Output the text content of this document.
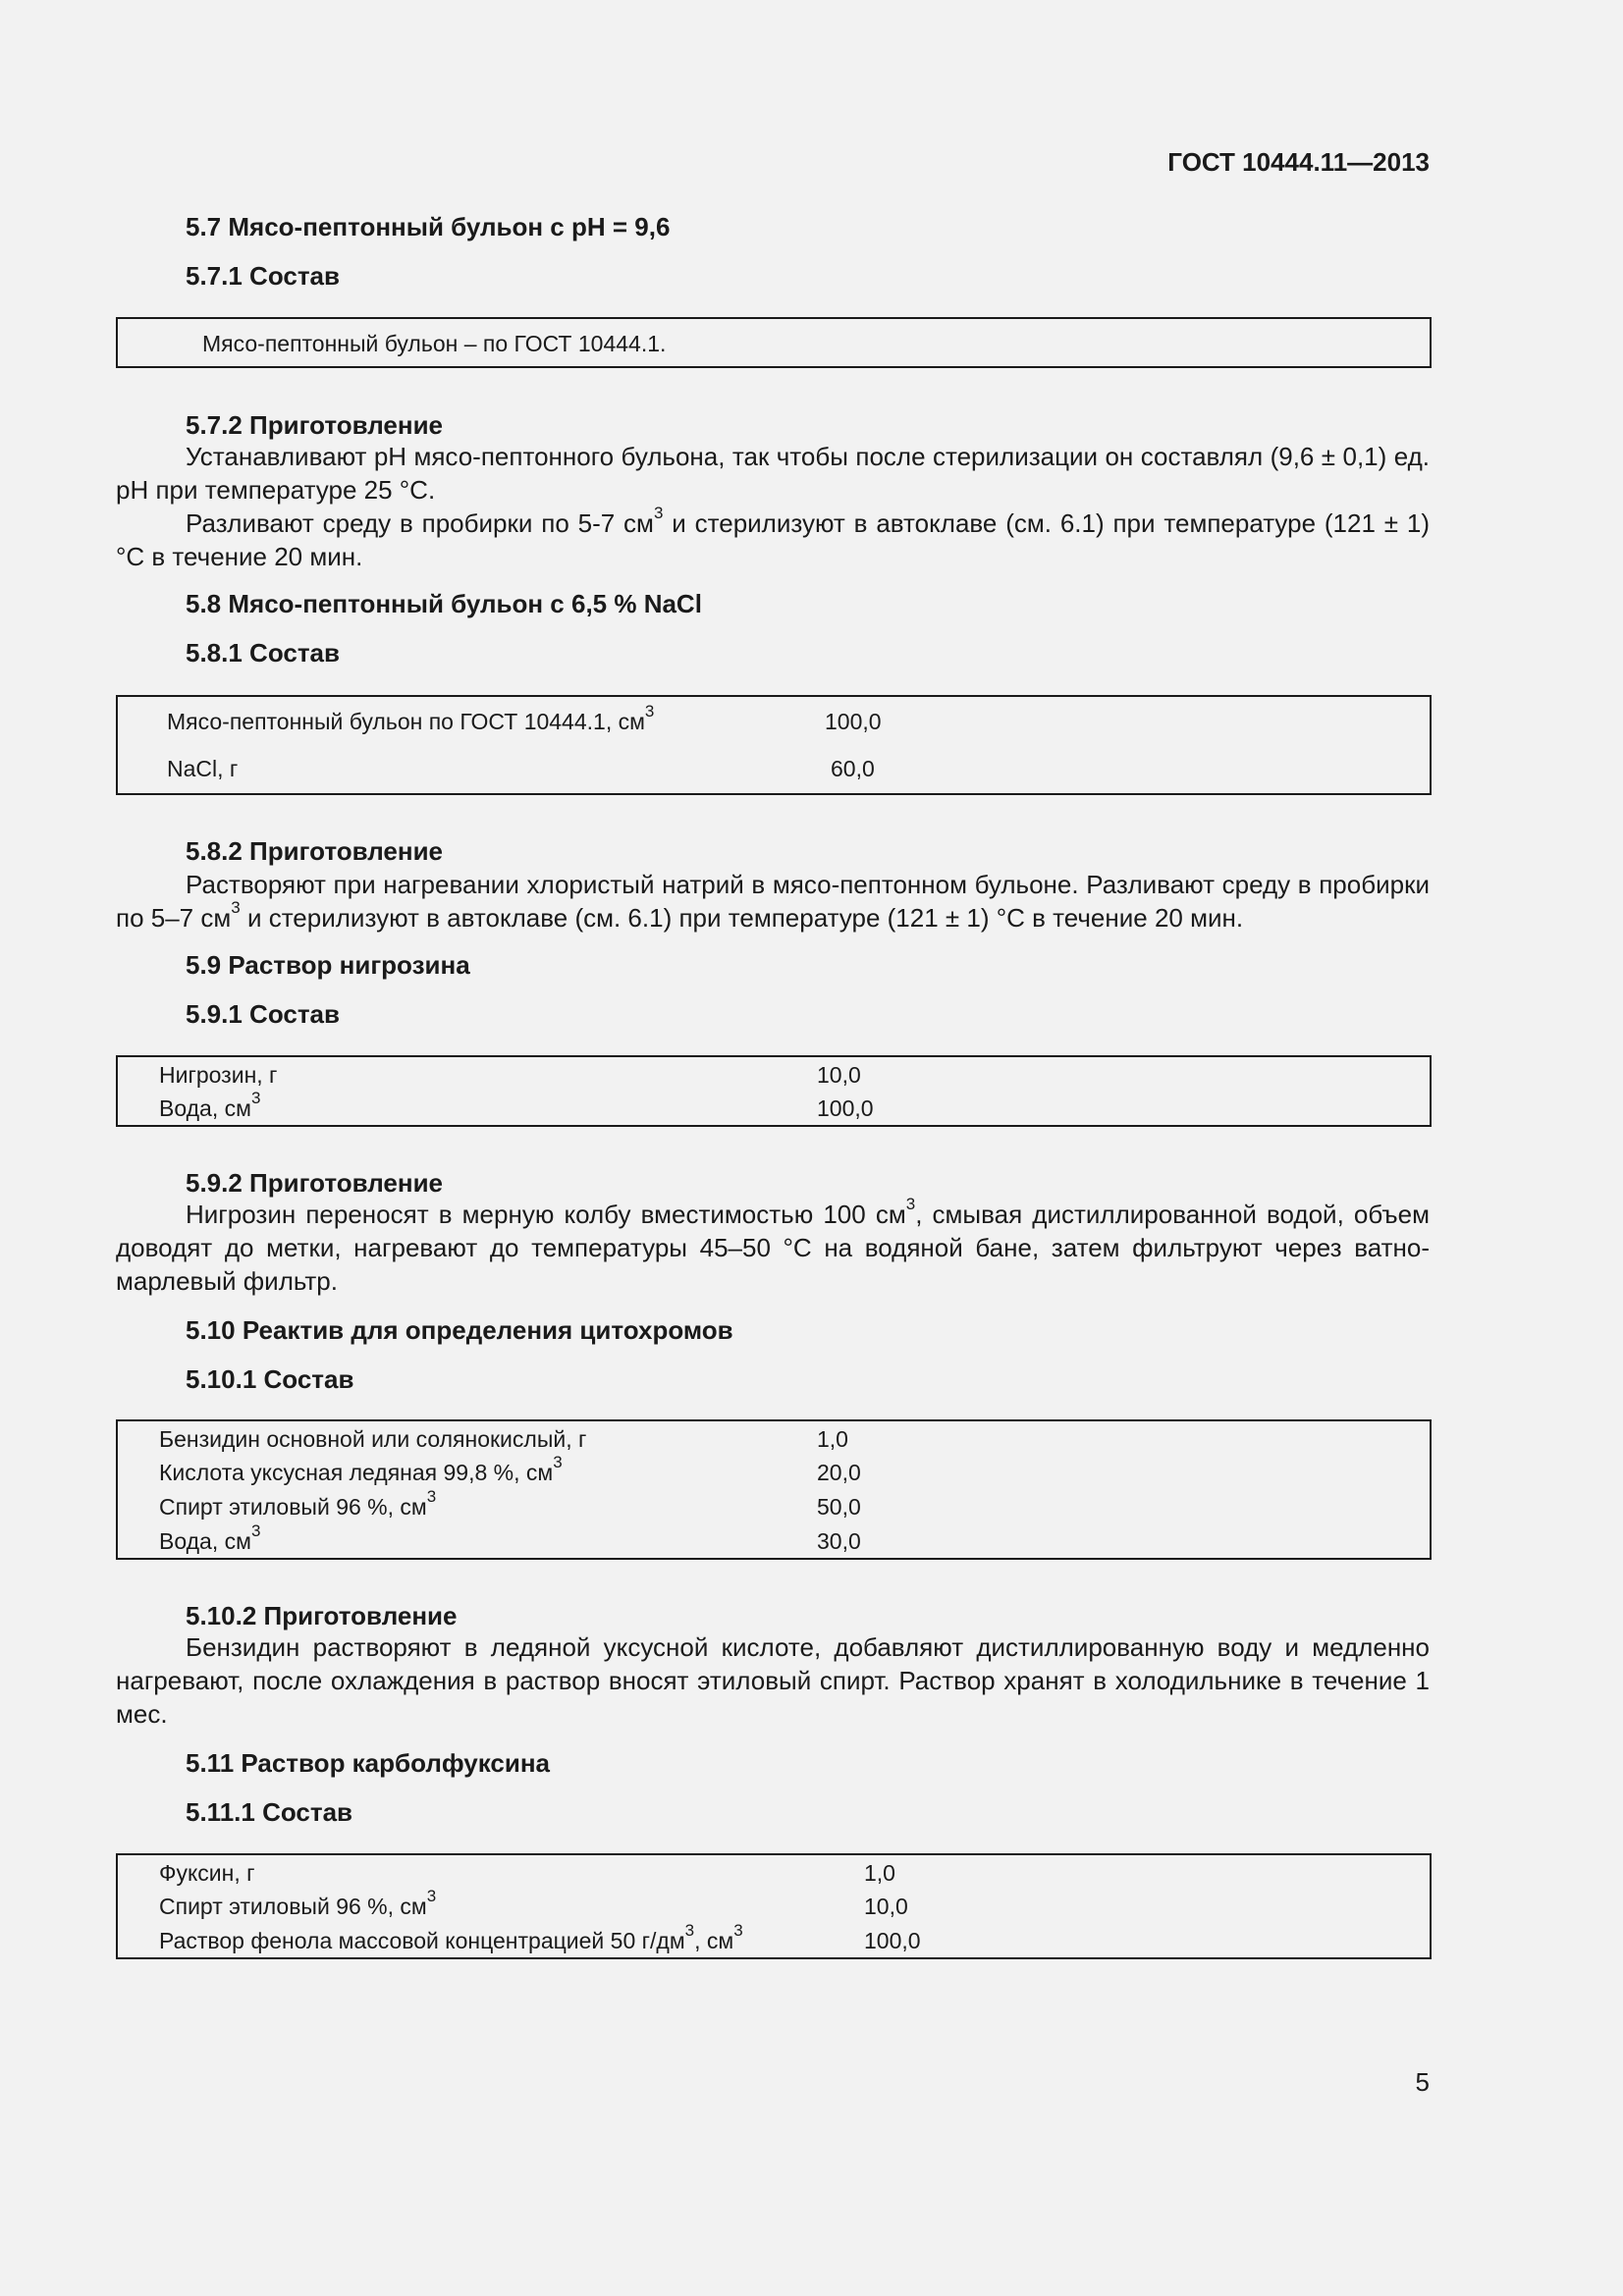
ГОСТ 10444.11—2013
5.7 Мясо-пептонный бульон с pH = 9,6
5.7.1 Состав
Мясо-пептонный бульон – по ГОСТ 10444.1.
5.7.2 Приготовление

Устанавливают pH мясо-пептонного бульона, так чтобы после стерилизации он составлял (9,6 ± 0,1) ед. pH при температуре 25 °С.

Разливают среду в пробирки по 5-7 $см^3$ и стерилизуют в автоклаве (см. 6.1) при температуре (121 ± 1) °С в течение 20 мин.

5.8 Мясо-пептонный бульон с 6,5 % NaCl
5.8.1 Состав
Мясо-пептонный бульон по ГОСТ 10444.1, $см^3$	100,0
NaCl, г	60,0
5.8.2 Приготовление

Растворяют при нагревании хлористый натрий в мясо-пептонном бульоне. Разливают среду в пробирки по 5–7 $см^3$ и стерилизуют в автоклаве (см. 6.1) при температуре (121 ± 1) °С в течение 20 мин.

5.9 Раствор нигрозина
5.9.1 Состав
Нигрозин, г	10,0
Вода, $см^3$	100,0
5.9.2 Приготовление

Нигрозин переносят в мерную колбу вместимостью 100 $см^3$, смывая дистиллированной водой, объем доводят до метки, нагревают до температуры 45–50 °С на водяной бане, затем фильтруют через ватно-марлевый фильтр.

5.10 Реактив для определения цитохромов
5.10.1 Состав
Бензидин основной или солянокислый, г	1,0
Кислота уксусная ледяная 99,8 %, $см^3$	20,0
Спирт этиловый 96 %, $см^3$	50,0
Вода, $см^3$	30,0
5.10.2 Приготовление

Бензидин растворяют в ледяной уксусной кислоте, добавляют дистиллированную воду и медленно нагревают, после охлаждения в раствор вносят этиловый спирт. Раствор хранят в холодильнике в течение 1 мес.

5.11 Раствор карболфуксина
5.11.1 Состав
Фуксин, г	1,0
Спирт этиловый 96 %, $см^3$	10,0
Раствор фенола массовой концентрацией 50 $г/дм^3$, $см^3$	100,0
5
